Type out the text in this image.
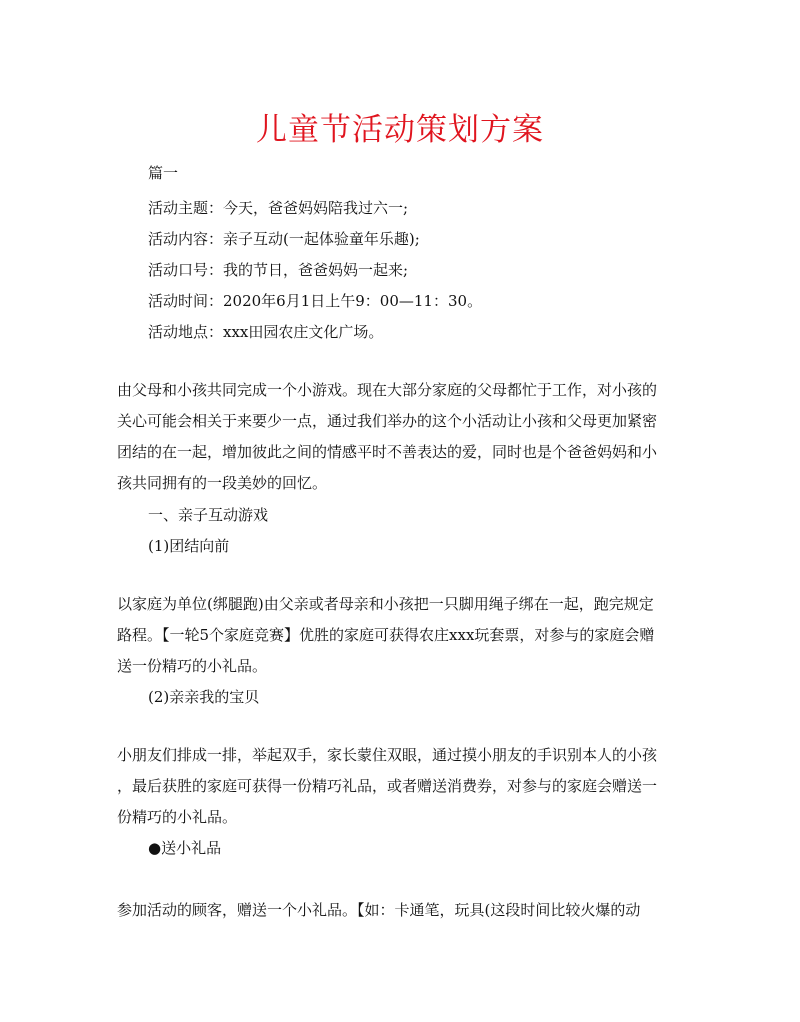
儿童节活动策划方案
篇一
活动主题：今天，爸爸妈妈陪我过六一;
活动内容：亲子互动(一起体验童年乐趣);
活动口号：我的节日，爸爸妈妈一起来;
活动时间：2020年6月1日上午9：00—11：30。
活动地点：xxx田园农庄文化广场。
由父母和小孩共同完成一个小游戏。现在大部分家庭的父母都忙于工作，对小孩的
关心可能会相关于来要少一点，通过我们举办的这个小活动让小孩和父母更加紧密
团结的在一起，增加彼此之间的情感平时不善表达的爱，同时也是个爸爸妈妈和小
孩共同拥有的一段美妙的回忆。
一、亲子互动游戏
(1)团结向前
以家庭为单位(绑腿跑)由父亲或者母亲和小孩把一只脚用绳子绑在一起，跑完规定
路程。【一轮5个家庭竞赛】优胜的家庭可获得农庄xxx玩套票，对参与的家庭会赠
送一份精巧的小礼品。
(2)亲亲我的宝贝
小朋友们排成一排，举起双手，家长蒙住双眼，通过摸小朋友的手识别本人的小孩
，最后获胜的家庭可获得一份精巧礼品，或者赠送消费券，对参与的家庭会赠送一
份精巧的小礼品。
●送小礼品
参加活动的顾客，赠送一个小礼品。【如：卡通笔，玩具(这段时间比较火爆的动
